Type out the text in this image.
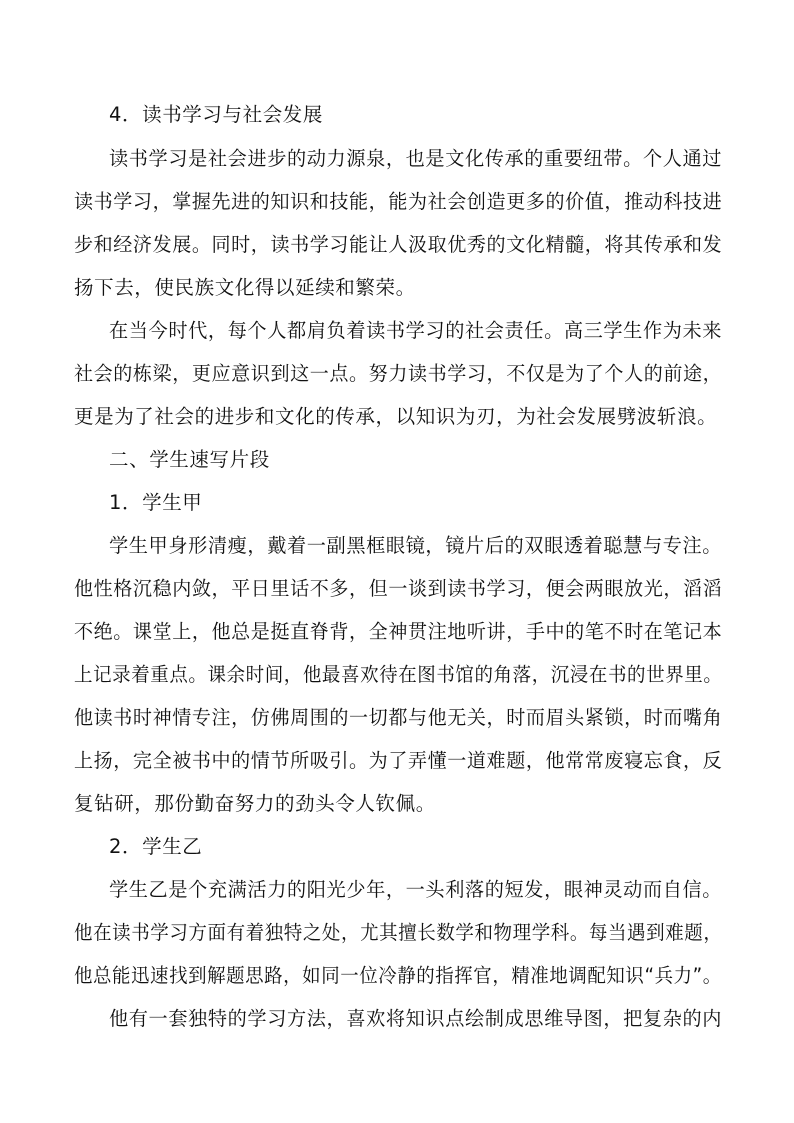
4．读书学习与社会发展
读书学习是社会进步的动力源泉，也是文化传承的重要纽带。个人通过
读书学习，掌握先进的知识和技能，能为社会创造更多的价值，推动科技进
步和经济发展。同时，读书学习能让人汲取优秀的文化精髓，将其传承和发
扬下去，使民族文化得以延续和繁荣。
在当今时代，每个人都肩负着读书学习的社会责任。高三学生作为未来
社会的栋梁，更应意识到这一点。努力读书学习，不仅是为了个人的前途，
更是为了社会的进步和文化的传承，以知识为刃，为社会发展劈波斩浪。
二、学生速写片段
1．学生甲
学生甲身形清瘦，戴着一副黑框眼镜，镜片后的双眼透着聪慧与专注。
他性格沉稳内敛，平日里话不多，但一谈到读书学习，便会两眼放光，滔滔
不绝。课堂上，他总是挺直脊背，全神贯注地听讲，手中的笔不时在笔记本
上记录着重点。课余时间，他最喜欢待在图书馆的角落，沉浸在书的世界里。
他读书时神情专注，仿佛周围的一切都与他无关，时而眉头紧锁，时而嘴角
上扬，完全被书中的情节所吸引。为了弄懂一道难题，他常常废寝忘食，反
复钻研，那份勤奋努力的劲头令人钦佩。
2．学生乙
学生乙是个充满活力的阳光少年，一头利落的短发，眼神灵动而自信。
他在读书学习方面有着独特之处，尤其擅长数学和物理学科。每当遇到难题，
他总能迅速找到解题思路，如同一位冷静的指挥官，精准地调配知识“兵力”。
他有一套独特的学习方法，喜欢将知识点绘制成思维导图，把复杂的内
